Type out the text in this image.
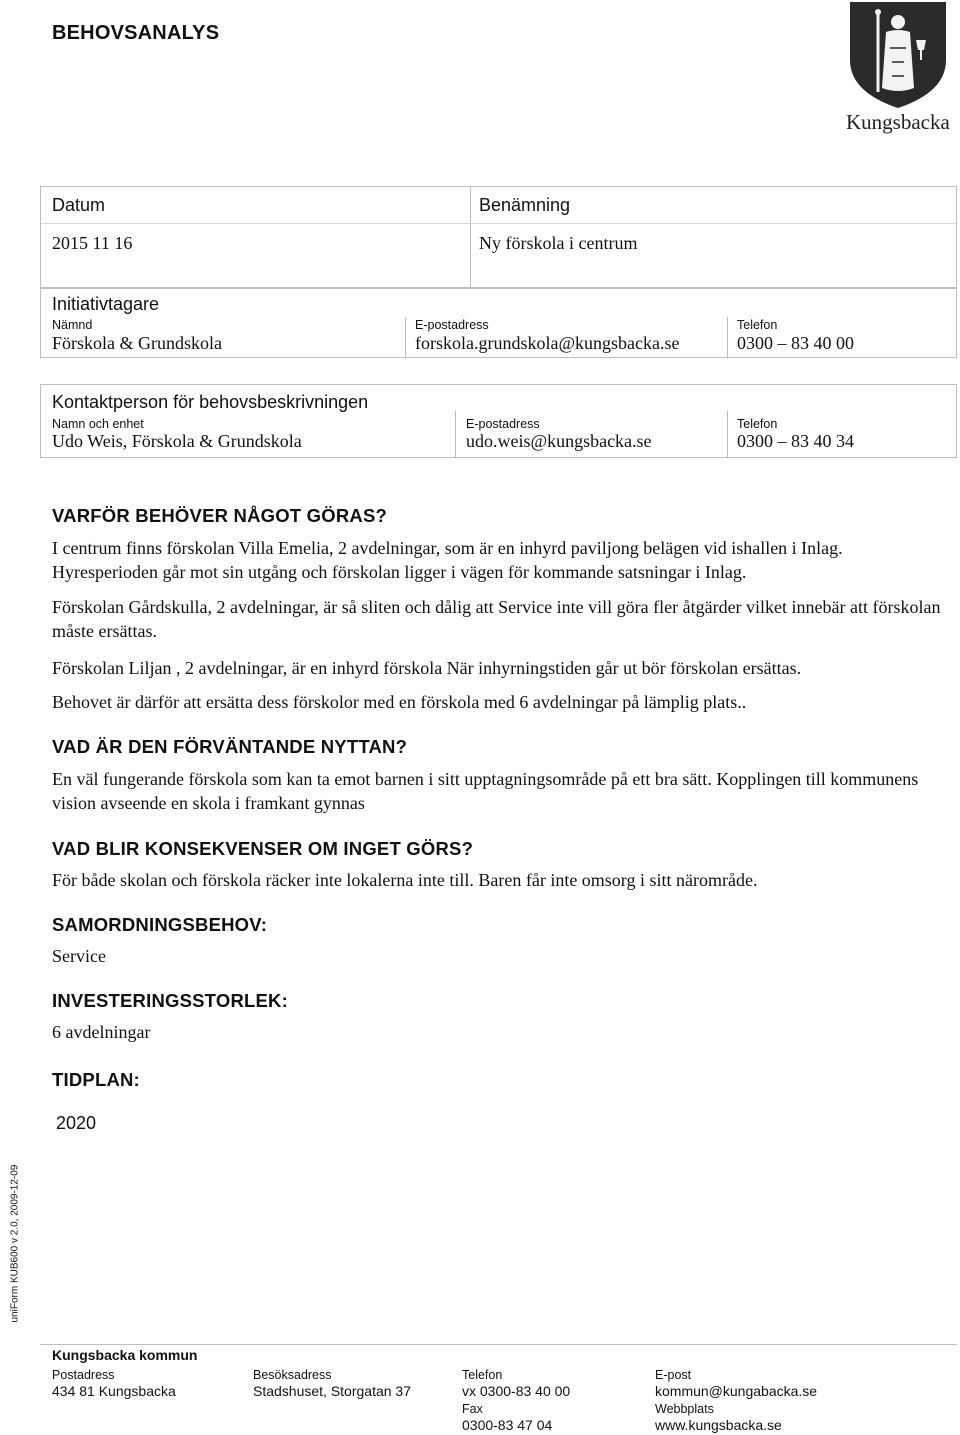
BEHOVSANALYS
Kungsbacka
Datum
2015 11 16
Benämning
Ny förskola i centrum
Initiativtagare
Nämnd
Förskola & Grundskola
E-postadress
forskola.grundskola@kungsbacka.se
Telefon
0300 – 83 40 00
Kontaktperson för behovsbeskrivningen
Namn och enhet
Udo Weis, Förskola & Grundskola
E-postadress
udo.weis@kungsbacka.se
Telefon
0300 – 83 40 34
VARFÖR BEHÖVER NÅGOT GÖRAS?
I centrum finns förskolan Villa Emelia, 2 avdelningar, som är en inhyrd paviljong belägen vid ishallen i Inlag. Hyresperioden går mot sin utgång och förskolan ligger i vägen för kommande satsningar i Inlag.
Förskolan Gårdskulla, 2 avdelningar, är så sliten och dålig att Service inte vill göra fler åtgärder vilket innebär att förskolan måste ersättas.
Förskolan Liljan , 2 avdelningar, är en inhyrd förskola När inhyrningstiden går ut bör förskolan ersättas.
Behovet är därför att ersätta dess förskolor med en förskola med 6 avdelningar på lämplig plats..
VAD ÄR DEN FÖRVÄNTANDE NYTTAN?
En väl fungerande förskola som kan ta emot barnen i sitt upptagningsområde på ett bra sätt. Kopplingen till kommunens vision avseende en skola i framkant gynnas
VAD BLIR KONSEKVENSER OM INGET GÖRS?
För både skolan och förskola räcker inte lokalerna inte till. Baren får inte omsorg i sitt närområde.
SAMORDNINGSBEHOV:
Service
INVESTERINGSSTORLEK:
6 avdelningar
TIDPLAN:
2020
uniForm KUB600 v 2.0, 2009-12-09
Kungsbacka kommun
Postadress
434 81 Kungsbacka
Besöksadress
Stadshuset, Storgatan 37
Telefon
vx 0300-83 40 00
Fax
0300-83 47 04
E-post
kommun@kungabacka.se
Webbplats
www.kungsbacka.se
